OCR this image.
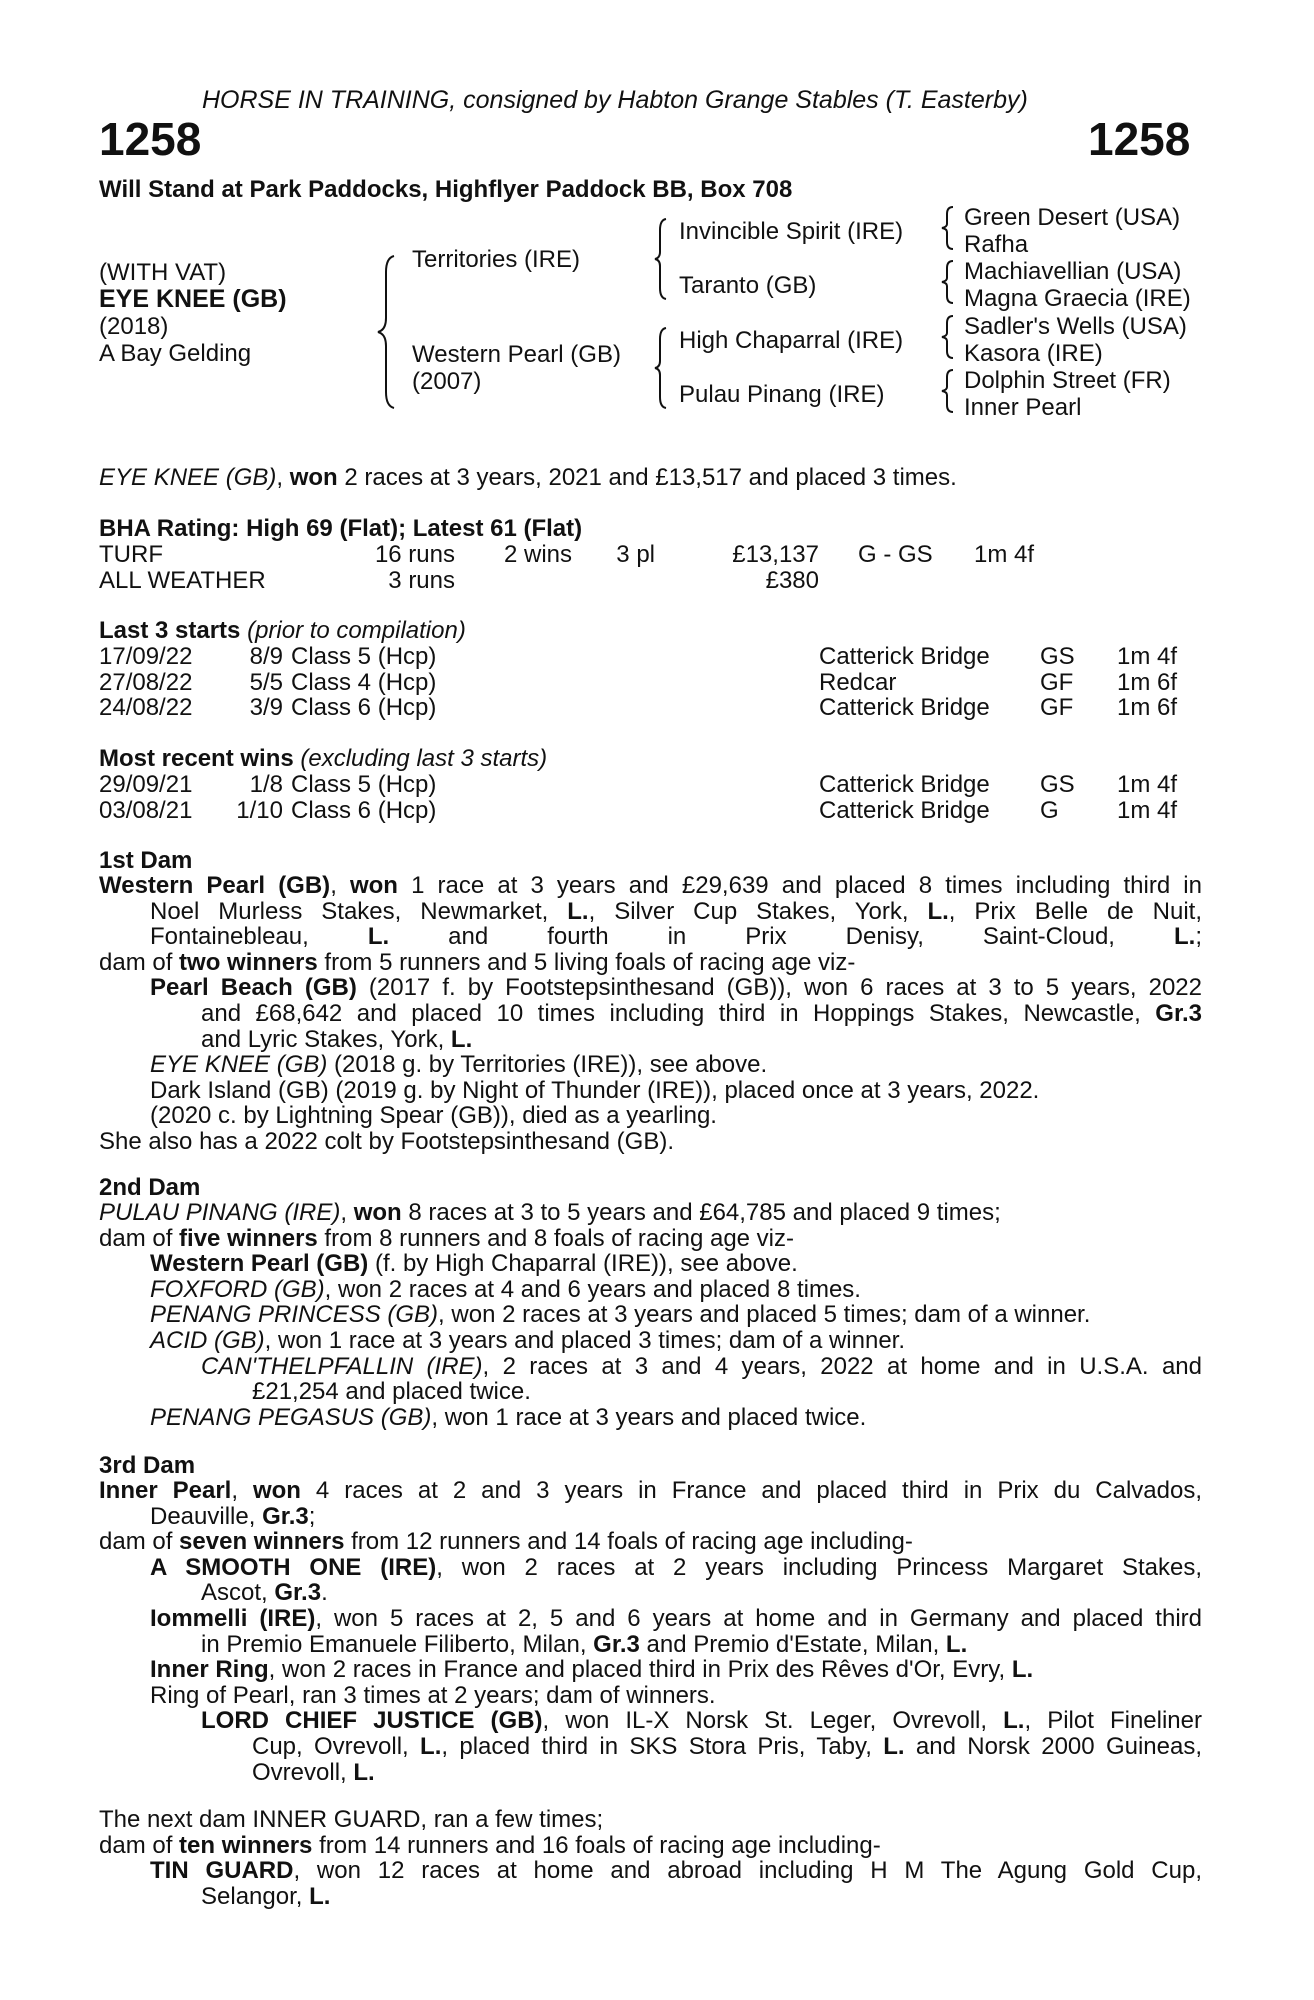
HORSE IN TRAINING, consigned by Habton Grange Stables (T. Easterby)
1258	1258
Will Stand at Park Paddocks, Highflyer Paddock BB, Box 708
(WITH VAT)
EYE KNEE (GB)
(2018)
A Bay Gelding
Territories (IRE)
Western Pearl (GB)
(2007)
Invincible Spirit (IRE)
Taranto (GB)
High Chaparral (IRE)
Pulau Pinang (IRE)
Green Desert (USA)
Rafha
Machiavellian (USA)
Magna Graecia (IRE)
Sadler's Wells (USA)
Kasora (IRE)
Dolphin Street (FR)
Inner Pearl
EYE KNEE (GB), won 2 races at 3 years, 2021 and £13,517 and placed 3 times.
BHA Rating: High 69 (Flat); Latest 61 (Flat)
TURF	16 runs 2 wins 3 pl	£13,137 G - GS 1m 4f
ALL WEATHER	3 runs	£380
Last 3 starts (prior to compilation)
17/09/22 8/9 Class 5 (Hcp)	Catterick Bridge GS 1m 4f
27/08/22 5/5 Class 4 (Hcp)	Redcar	GF 1m 6f
24/08/22 3/9 Class 6 (Hcp)	Catterick Bridge GF 1m 6f
Most recent wins (excluding last 3 starts)
29/09/21 1/8 Class 5 (Hcp)	Catterick Bridge GS 1m 4f
03/08/21 1/10 Class 6 (Hcp)	Catterick Bridge G 1m 4f
1st Dam
Western Pearl (GB), won 1 race at 3 years and £29,639 and placed 8 times including third in
Noel Murless Stakes, Newmarket, L., Silver Cup Stakes, York, L., Prix Belle de Nuit,
Fontainebleau, L. and fourth in Prix Denisy, Saint-Cloud, L.;
dam of two winners from 5 runners and 5 living foals of racing age viz-
Pearl Beach (GB) (2017 f. by Footstepsinthesand (GB)), won 6 races at 3 to 5 years, 2022
and £68,642 and placed 10 times including third in Hoppings Stakes, Newcastle, Gr.3
and Lyric Stakes, York, L.
EYE KNEE (GB) (2018 g. by Territories (IRE)), see above.
Dark Island (GB) (2019 g. by Night of Thunder (IRE)), placed once at 3 years, 2022.
(2020 c. by Lightning Spear (GB)), died as a yearling.
She also has a 2022 colt by Footstepsinthesand (GB).
2nd Dam
PULAU PINANG (IRE), won 8 races at 3 to 5 years and £64,785 and placed 9 times;
dam of five winners from 8 runners and 8 foals of racing age viz-
Western Pearl (GB) (f. by High Chaparral (IRE)), see above.
FOXFORD (GB), won 2 races at 4 and 6 years and placed 8 times.
PENANG PRINCESS (GB), won 2 races at 3 years and placed 5 times; dam of a winner.
ACID (GB), won 1 race at 3 years and placed 3 times; dam of a winner.
CAN'THELPFALLIN (IRE), 2 races at 3 and 4 years, 2022 at home and in U.S.A. and
£21,254 and placed twice.
PENANG PEGASUS (GB), won 1 race at 3 years and placed twice.
3rd Dam
Inner Pearl, won 4 races at 2 and 3 years in France and placed third in Prix du Calvados,
Deauville, Gr.3;
dam of seven winners from 12 runners and 14 foals of racing age including-
A SMOOTH ONE (IRE), won 2 races at 2 years including Princess Margaret Stakes,
Ascot, Gr.3.
Iommelli (IRE), won 5 races at 2, 5 and 6 years at home and in Germany and placed third
in Premio Emanuele Filiberto, Milan, Gr.3 and Premio d'Estate, Milan, L.
Inner Ring, won 2 races in France and placed third in Prix des Rêves d'Or, Evry, L.
Ring of Pearl, ran 3 times at 2 years; dam of winners.
LORD CHIEF JUSTICE (GB), won IL-X Norsk St. Leger, Ovrevoll, L., Pilot Fineliner
Cup, Ovrevoll, L., placed third in SKS Stora Pris, Taby, L. and Norsk 2000 Guineas,
Ovrevoll, L.
The next dam INNER GUARD, ran a few times;
dam of ten winners from 14 runners and 16 foals of racing age including-
TIN GUARD, won 12 races at home and abroad including H M The Agung Gold Cup,
Selangor, L.
